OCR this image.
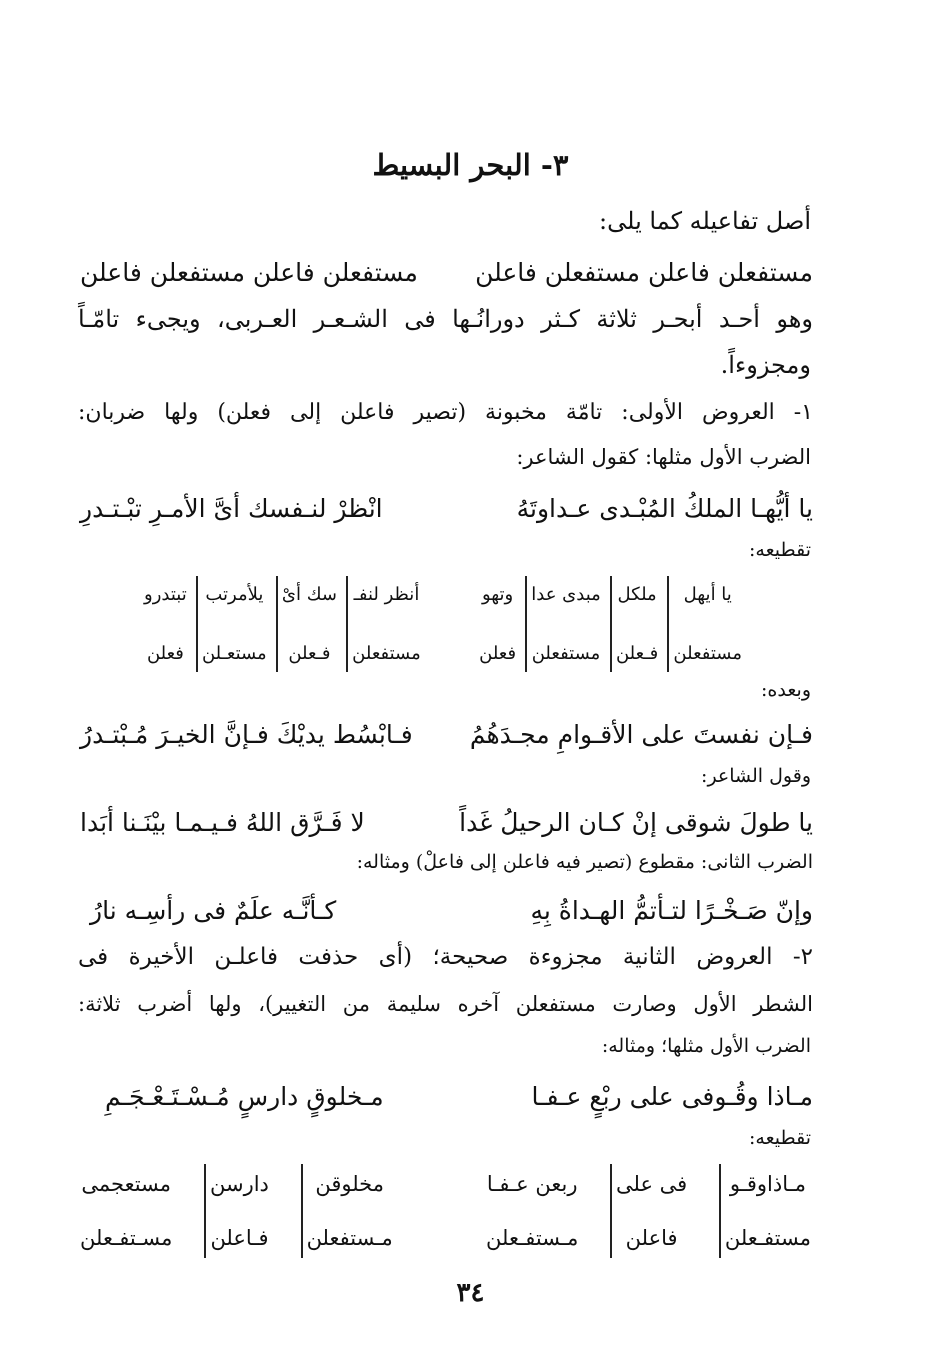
٣- البحر البسيط
أصل تفاعيله كما يلى:
مستفعلن فاعلن مستفعلن فاعلن
مستفعلن فاعلن مستفعلن فاعلن
وهو أحـد أبحـر ثلاثة كـثر دورانُـها فى الشـعـر العـربى، ويجىء تامّـاً
ومجزوءاً.
١- العروض الأولى: تامّة مخبونة (تصير فاعلن إلى فعلن) ولها ضربان:
الضرب الأول مثلها: كقول الشاعر:
يا أيُّهـا الملكُ المُبْـدى عـداوتَهُ
انْظرْ لنـفسك أىَّ الأمـرِ تبْـتـدرِ
تقطيعه:
يا أيهل
مستفعلن
ملكل
فـعلن
مبدى عدا
مستفعلن
وتهو
فعلن
أنظر لنفـ
مستفعلن
سك أىْ
فـعلن
يلأمرتب
مستعـلن
تبتدرو
فعلن
وبعده:
فـإن نفستَ على الأقـوامِ مجـدَهُمُ
فـابْسُط يديْكَ فـإنَّ الخيـرَ مُـبْتـدرُ
وقول الشاعر:
يا طولَ شوقى إنْ كـان الرحيلُ غَداً
لا فَـرَّق اللهُ فـيـمـا بيْنَـنا أبَدا
الضرب الثانى: مقطوع (تصير فيه فاعلن إلى فاعلْ) ومثاله:
وإنّ صَـخْـرًا لتـأتمُّ الهـداةُ بِهِ
كـأنَّـه علَمٌ فى رأسِـه نارُ
٢- العروض الثانية مجزوءة صحيحة؛ (أى حذفت فاعلـن الأخيرة فى
الشطر الأول وصارت مستفعلن آخره سليمة من التغيير)، ولها أضرب ثلاثة:
الضرب الأول مثلها؛ ومثاله:
مـاذا وقُـوفى على ربْعٍ عـفـا
مـخلوقٍ دارسٍ مُـسْـتَـعْـجَـمِ
تقطيعه:
مـاذاوقـو
مستفـعلن
فى على
فاعلن
ربعن عـفـا
مـستفـعلن
مخلوقن
مـستفعلن
دارسن
فـاعلن
مستعجمى
مسـتفـعلن
٣٤
